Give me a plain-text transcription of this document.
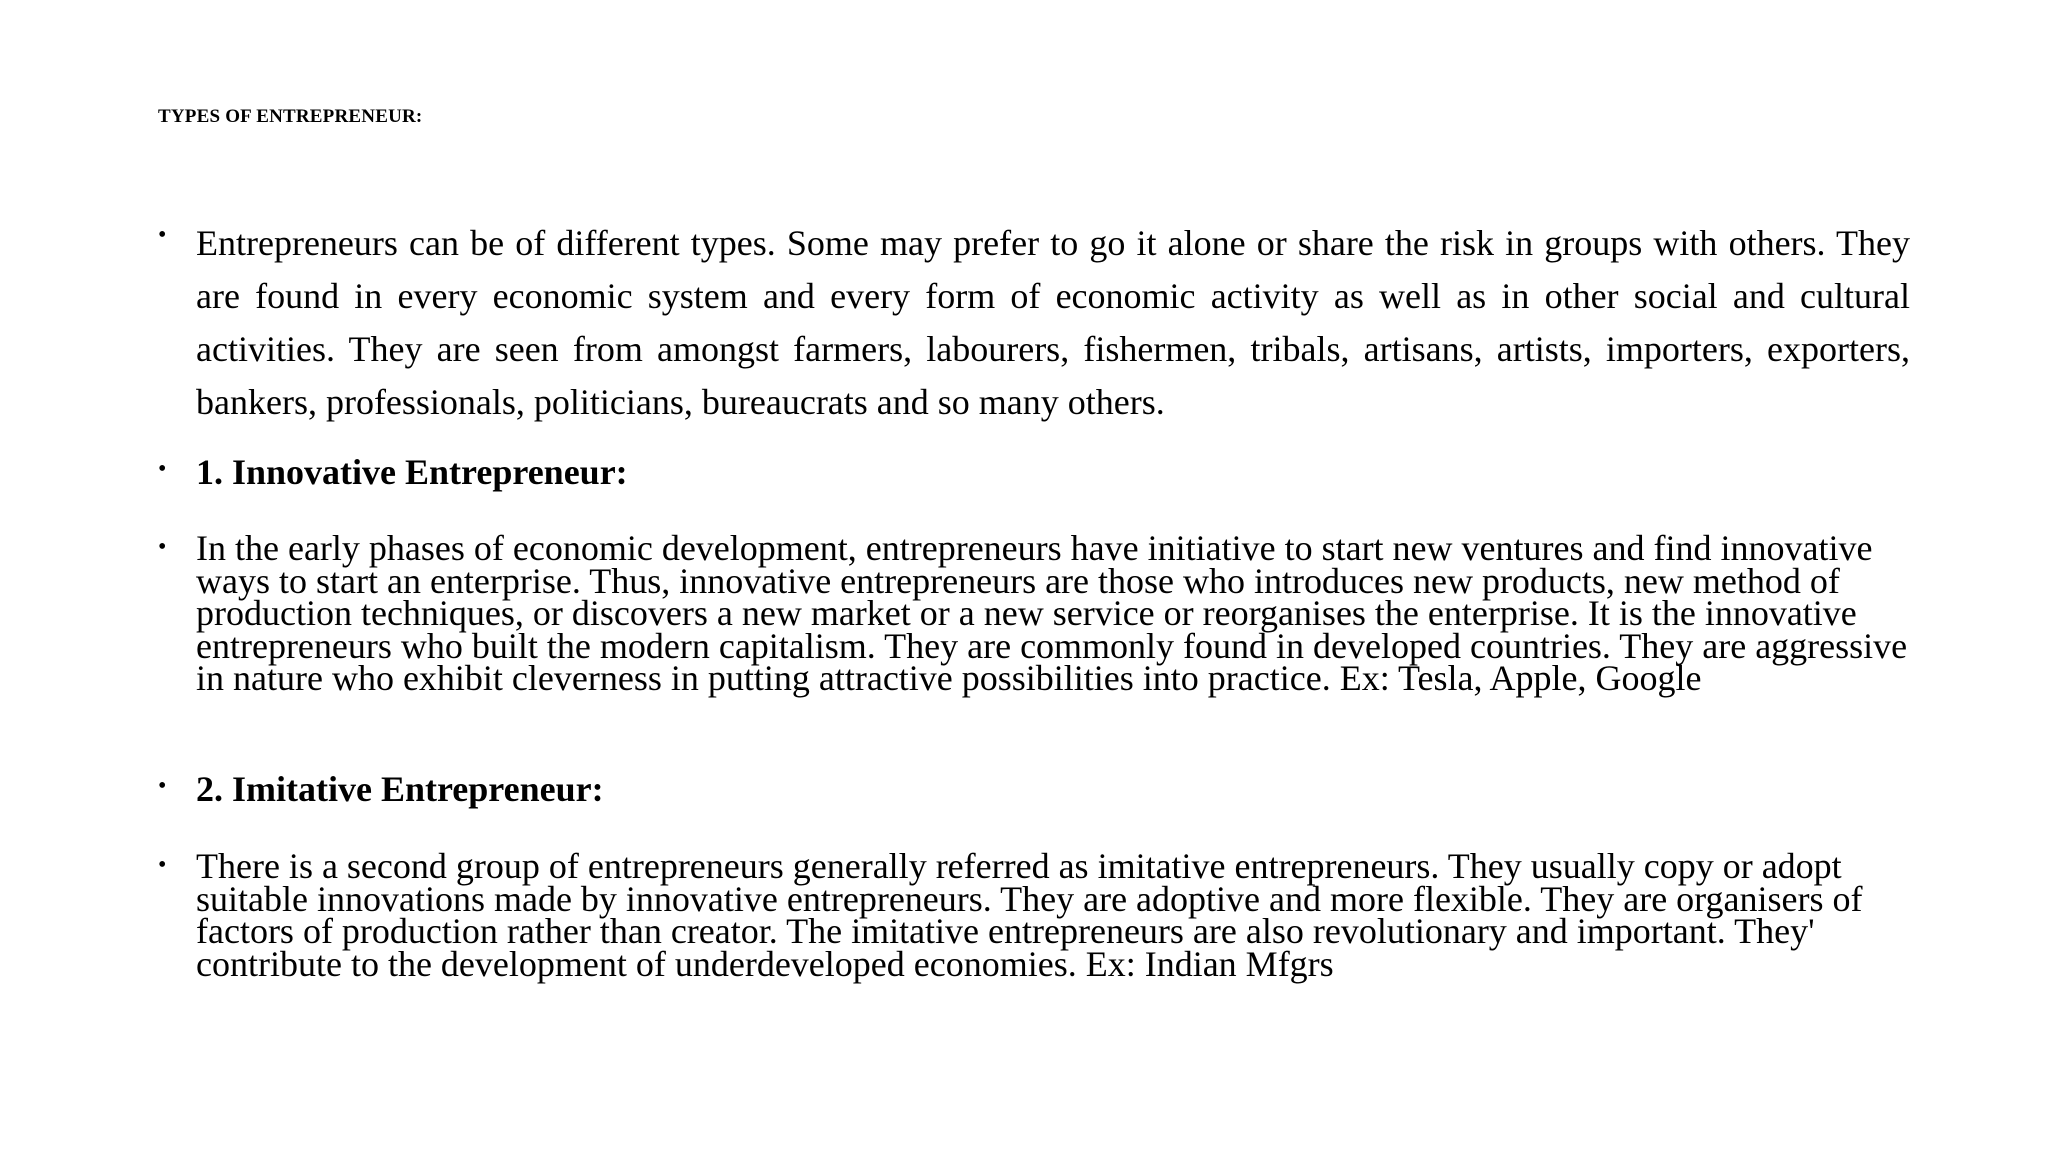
TYPES OF ENTREPRENEUR:
• Entrepreneurs can be of different types. Some may prefer to go it alone or share the risk in groups with others. They are found in every economic system and every form of economic activity as well as in other social and cultural activities. They are seen from amongst farmers, labourers, fishermen, tribals, artisans, artists, importers, exporters, bankers, professionals, politicians, bureaucrats and so many others.
• 1. Innovative Entrepreneur:
• In the early phases of economic development, entrepreneurs have initiative to start new ventures and find innovative ways to start an enterprise. Thus, innovative entrepreneurs are those who introduces new products, new method of production techniques, or discovers a new market or a new service or reorganises the enterprise. It is the innovative entrepreneurs who built the modern capitalism. They are commonly found in developed countries. They are aggressive in nature who exhibit cleverness in putting attractive possibilities into practice. Ex: Tesla, Apple, Google
• 2. Imitative Entrepreneur:
• There is a second group of entrepreneurs generally referred as imitative entrepreneurs. They usually copy or adopt suitable innovations made by innovative entrepreneurs. They are adoptive and more flexible. They are organisers of factors of production rather than creator. The imitative entrepreneurs are also revolutionary and important. They' contribute to the development of underdeveloped economies. Ex: Indian Mfgrs
